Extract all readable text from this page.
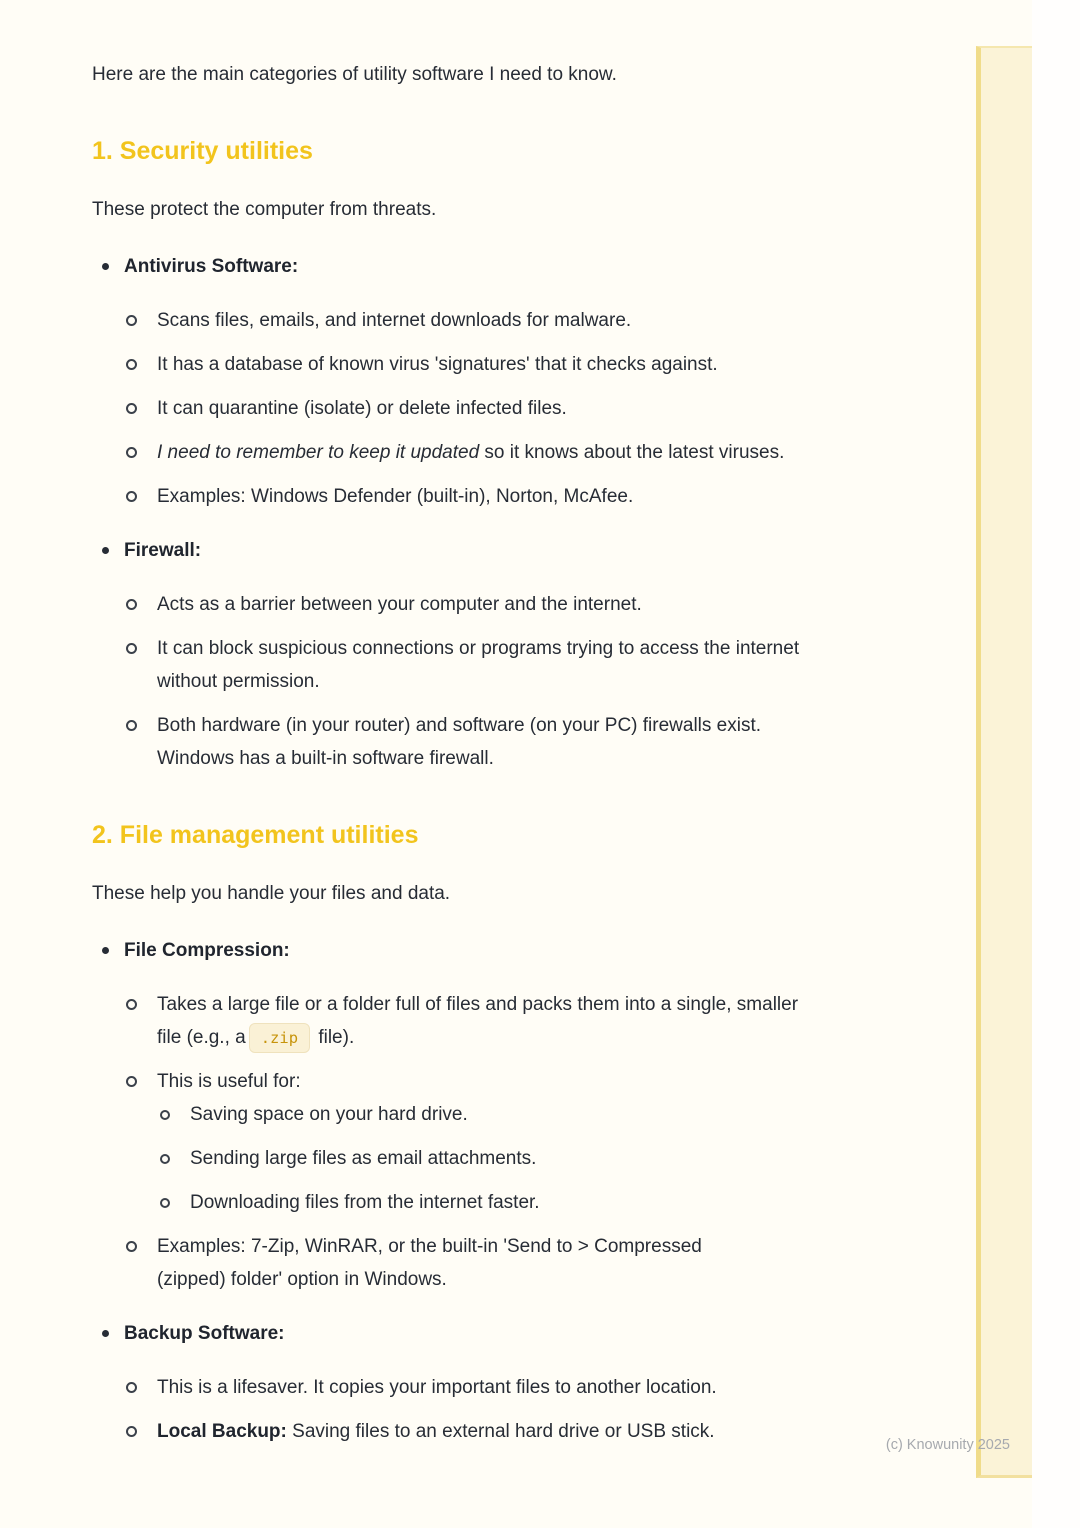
Here are the main categories of utility software I need to know.

1. Security utilities

These protect the computer from threats.

Antivirus Software:
Scans files, emails, and internet downloads for malware.
It has a database of known virus 'signatures' that it checks against.
It can quarantine (isolate) or delete infected files.
I need to remember to keep it updated so it knows about the latest viruses.
Examples: Windows Defender (built-in), Norton, McAfee.
Firewall:
Acts as a barrier between your computer and the internet.
It can block suspicious connections or programs trying to access the internet without permission.
Both hardware (in your router) and software (on your PC) firewalls exist. Windows has a built-in software firewall.
2. File management utilities

These help you handle your files and data.

File Compression:
Takes a large file or a folder full of files and packs them into a single, smaller file (e.g., a .zip file).
This is useful for:
Saving space on your hard drive.
Sending large files as email attachments.
Downloading files from the internet faster.
Examples: 7-Zip, WinRAR, or the built-in 'Send to > Compressed (zipped) folder' option in Windows.
Backup Software:
This is a lifesaver. It copies your important files to another location.
Local Backup: Saving files to an external hard drive or USB stick.
(c) Knowunity 2025
